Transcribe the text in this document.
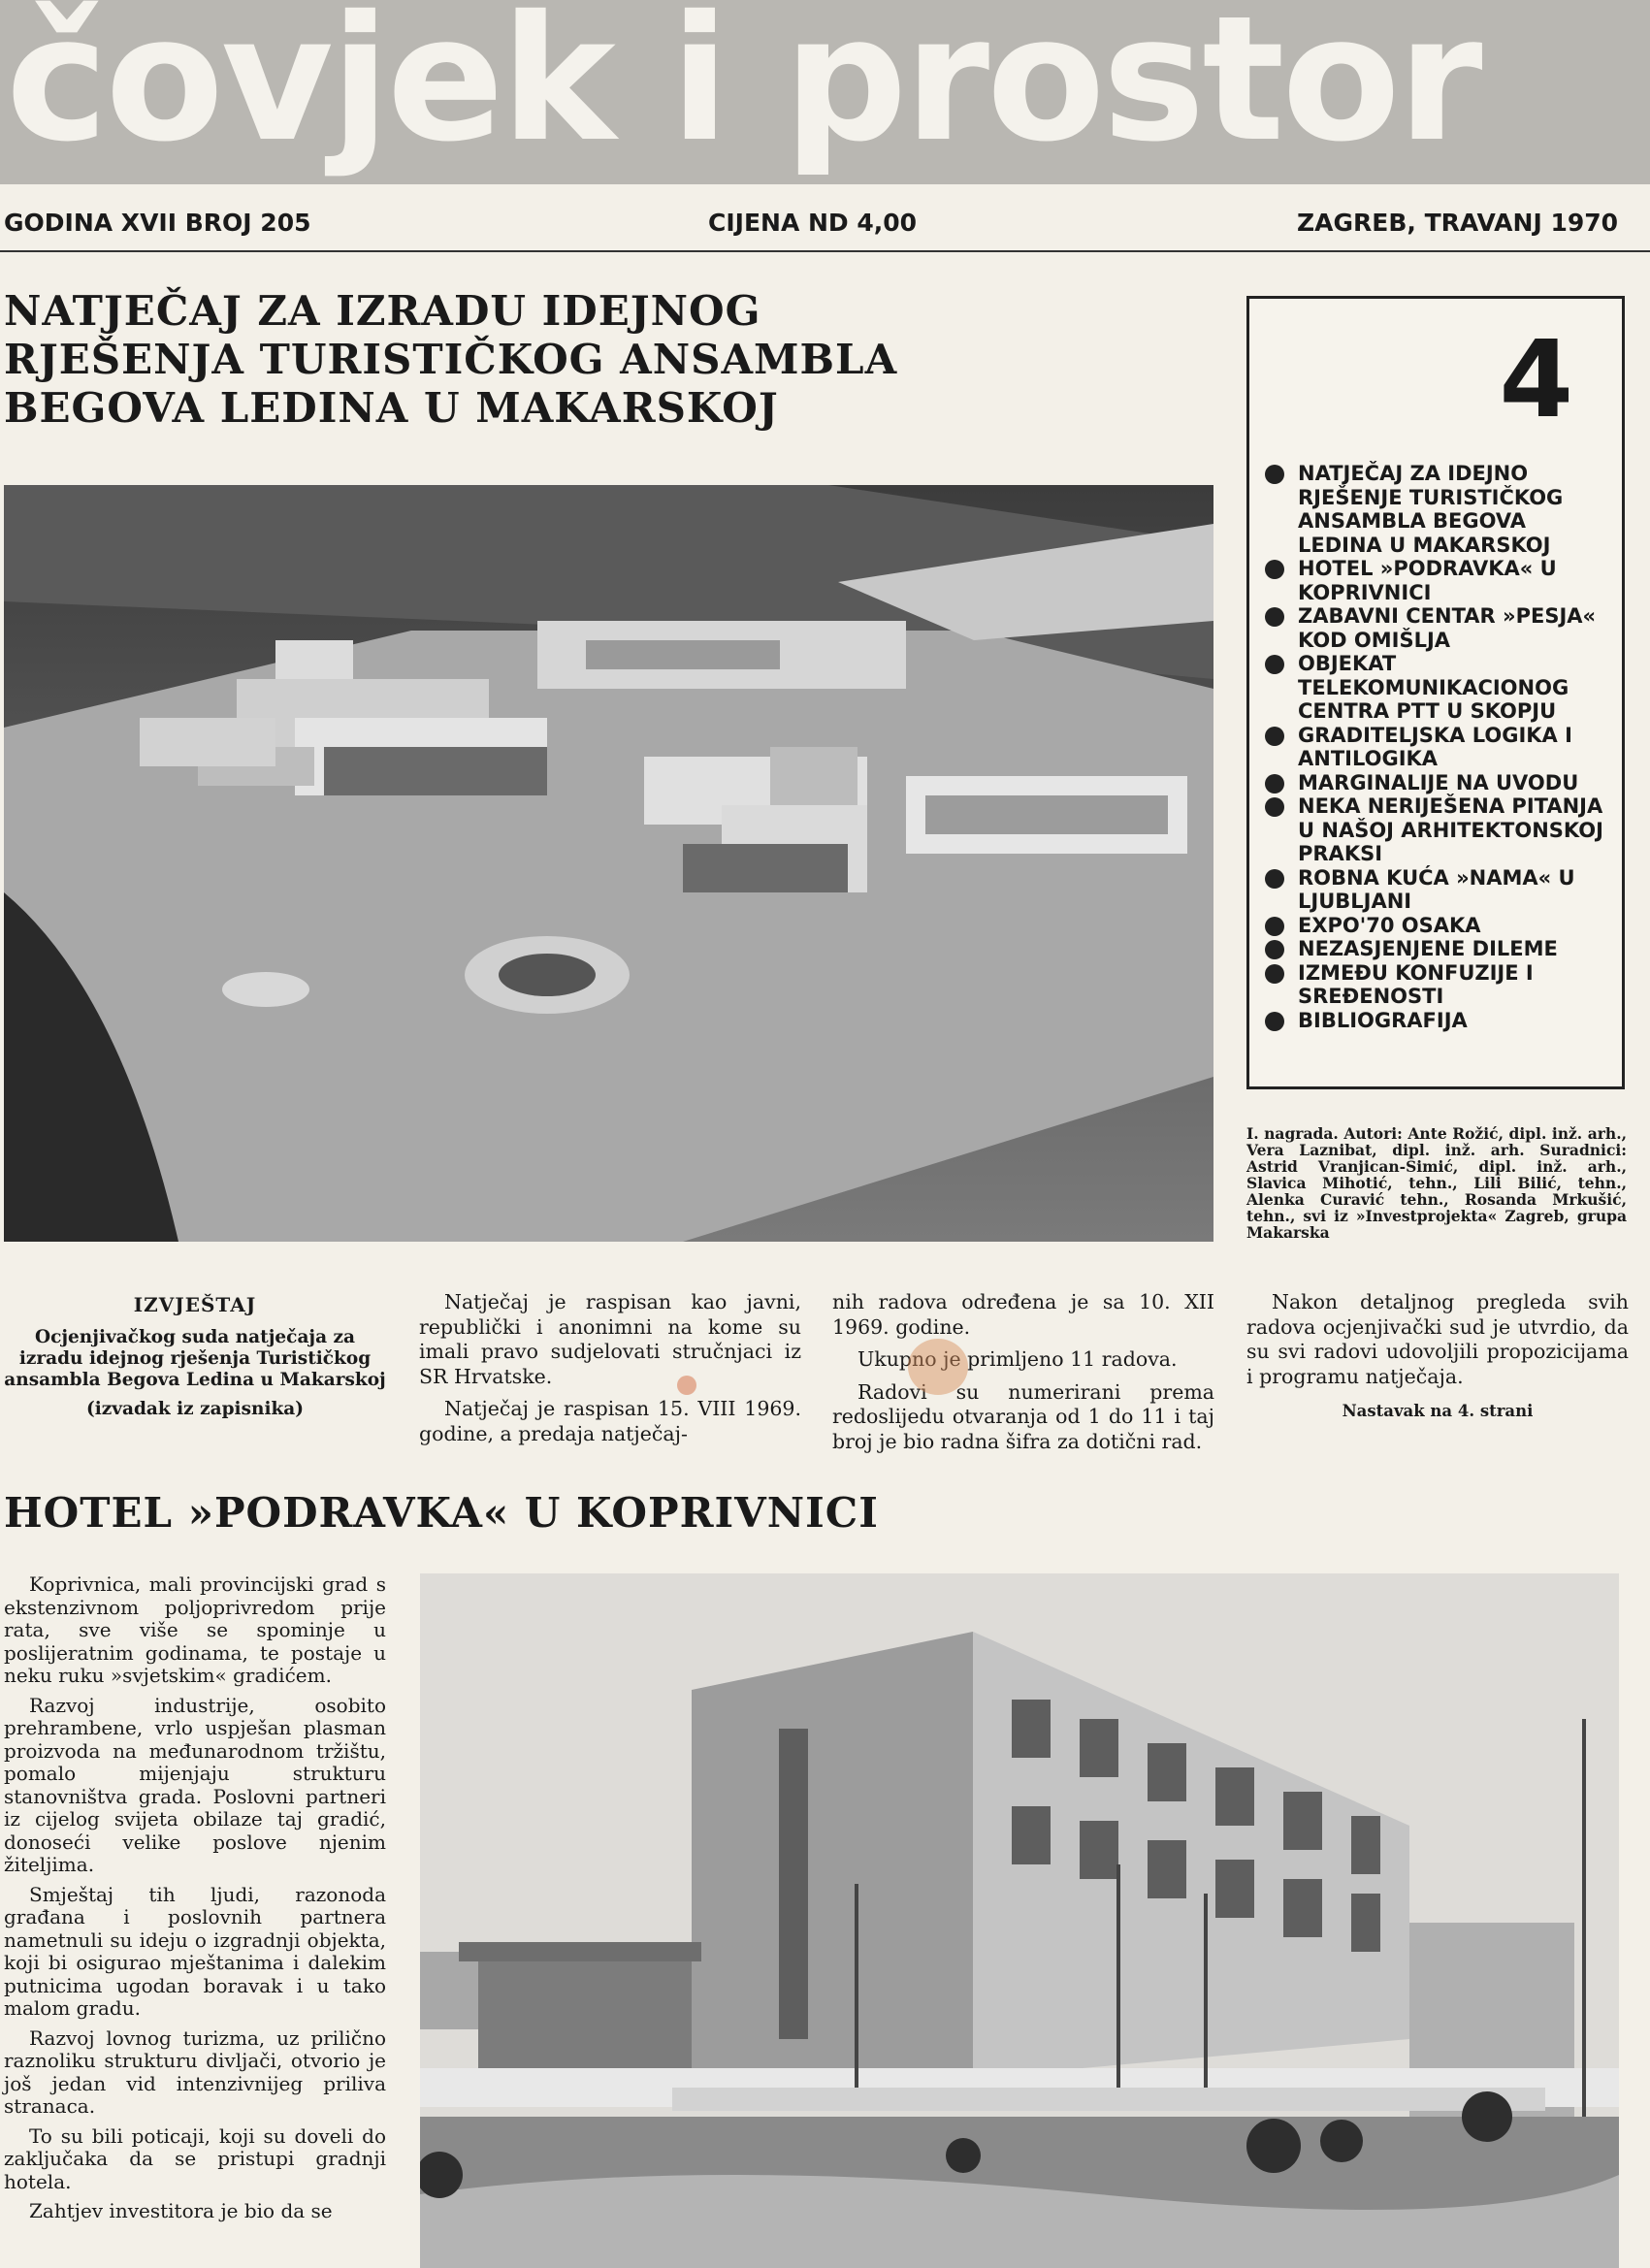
čovjek i prostor
GODINA XVII BROJ 205	CIJENA ND 4,00	ZAGREB, TRAVANJ 1970
NATJEČAJ ZA IZRADU IDEJNOG
RJEŠENJA TURISTIČKOG ANSAMBLA
BEGOVA LEDINA U MAKARSKOJ	4
NATJEČAJ ZA IDEJNO RJEŠENJE TURISTIČKOG ANSAMBLA BEGOVA LEDINA U MAKARSKOJ
HOTEL »PODRAVKA« U KOPRIVNICI
ZABAVNI CENTAR »PESJA« KOD OMIŠLJA
OBJEKAT TELEKOMUNIKACIONOG CENTRA PTT U SKOPJU
GRADITELJSKA LOGIKA I ANTILOGIKA
MARGINALIJE NA UVODU
NEKA NERIJEŠENA PITANJA U NAŠOJ ARHITEKTONSKOJ PRAKSI
ROBNA KUĆA »NAMA« U LJUBLJANI
EXPO'70 OSAKA
NEZASJENJENE DILEME
IZMEĐU KONFUZIJE I SREĐENOSTI
BIBLIOGRAFIJA
I. nagrada. Autori: Ante Rožić, dipl. inž. arh., Vera Laznibat, dipl. inž. arh. Suradnici: Astrid Vranjican-Simić, dipl. inž. arh., Slavica Mihotić, tehn., Lili Bilić, tehn., Alenka Curavić tehn., Rosanda Mrkušić, tehn., svi iz »Investprojekta« Zagreb, grupa Makarska
IZVJEŠTAJ
Ocjenjivačkog suda natječaja za izradu idejnog rješenja Turističkog ansambla Begova Ledina u Makarskoj
(izvadak iz zapisnika)

Natječaj je raspisan kao javni, republički i anonimni na kome su imali pravo sudjelovati stručnjaci iz SR Hrvatske.

Natječaj je raspisan 15. VIII 1969. godine, a predaja natječaj-

nih radova određena je sa 10. XII 1969. godine.

Ukupno je primljeno 11 radova.

Radovi su numerirani prema redoslijedu otvaranja od 1 do 11 i taj broj je bio radna šifra za dotični rad.

Nakon detaljnog pregleda svih radova ocjenjivački sud je utvrdio, da su svi radovi udovoljili propozicijama i programu natječaja.

Nastavak na 4. strani

HOTEL »PODRAVKA« U KOPRIVNICI

Koprivnica, mali provincijski grad s ekstenzivnom poljoprivredom prije rata, sve više se spominje u poslijeratnim godinama, te postaje u neku ruku »svjetskim« gradićem.

Razvoj industrije, osobito prehrambene, vrlo uspješan plasman proizvoda na međunarodnom tržištu, pomalo mijenjaju strukturu stanovništva grada. Poslovni partneri iz cijelog svijeta obilaze taj gradić, donoseći velike poslove njenim žiteljima.

Smještaj tih ljudi, razonoda građana i poslovnih partnera nametnuli su ideju o izgradnji objekta, koji bi osigurao mještanima i dalekim putnicima ugodan boravak i u tako malom gradu.

Razvoj lovnog turizma, uz prilično raznoliku strukturu divljači, otvorio je još jedan vid intenzivnijeg priliva stranaca.

To su bili poticaji, koji su doveli do zaključaka da se pristupi gradnji hotela.

Zahtjev investitora je bio da se
